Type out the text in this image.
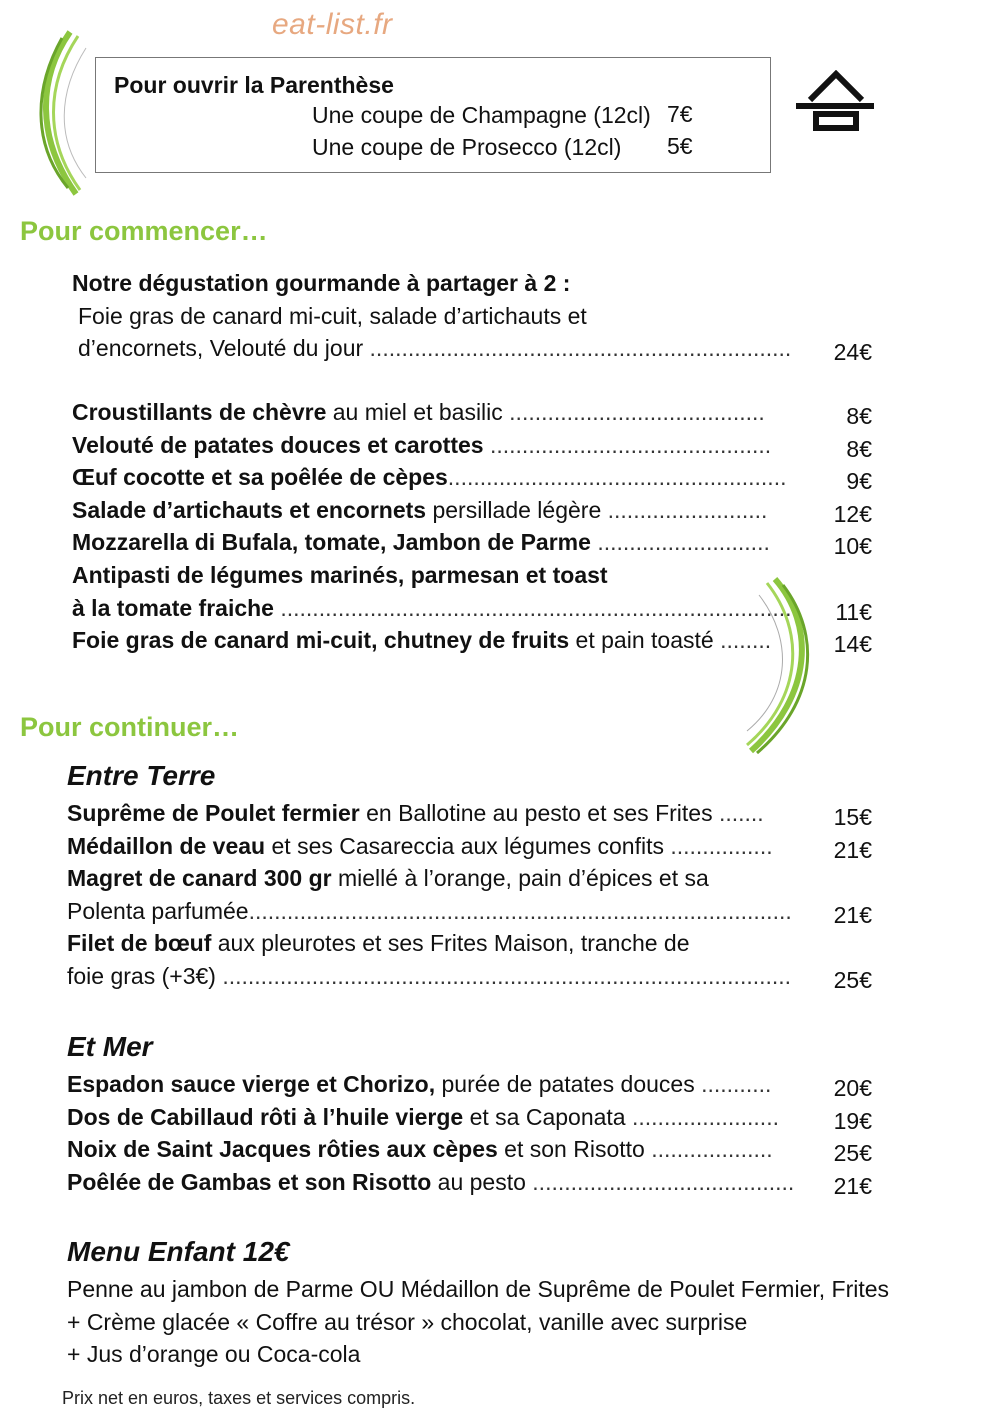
eat-list.fr
Pour ouvrir la Parenthèse
Une coupe de Champagne (12cl) 7€
Une coupe de Prosecco (12cl) 5€
Pour commencer…
Notre dégustation gourmande à partager à 2 :
Foie gras de canard mi-cuit, salade d’artichauts et
d’encornets, Velouté du jour .................................................................. 24€
Croustillants de chèvre au miel et basilic ........................................	8€
Velouté de patates douces et carottes ............................................	8€
Œuf cocotte et sa poêlée de cèpes.....................................................	9€
Salade d’artichauts et encornets persillade légère .........................	12€
Mozzarella di Bufala, tomate, Jambon de Parme ...........................	10€
Antipasti de légumes marinés, parmesan et toast
à la tomate fraiche ................................................................................ 11€
Foie gras de canard mi-cuit, chutney de fruits et pain toasté ........	14€
Pour continuer…
Entre Terre
Suprême de Poulet fermier en Ballotine au pesto et ses Frites .......	15€
Médaillon de veau et ses Casareccia aux légumes confits ................	21€
Magret de canard 300 gr miellé à l’orange, pain d’épices et sa
Polenta parfumée..................................................................................... 21€
Filet de bœuf aux pleurotes et ses Frites Maison, tranche de
foie gras (+3€) ......................................................................................... 25€
Et Mer
Espadon sauce vierge et Chorizo, purée de patates douces ...........	20€
Dos de Cabillaud rôti à l’huile vierge et sa Caponata ....................... 19€
Noix de Saint Jacques rôties aux cèpes et son Risotto ...................	25€
Poêlée de Gambas et son Risotto au pesto ......................................... 21€
Menu Enfant 12€
Penne au jambon de Parme OU Médaillon de Suprême de Poulet Fermier, Frites
+ Crème glacée « Coffre au trésor » chocolat, vanille avec surprise
+ Jus d’orange ou Coca-cola
Prix net en euros, taxes et services compris.
